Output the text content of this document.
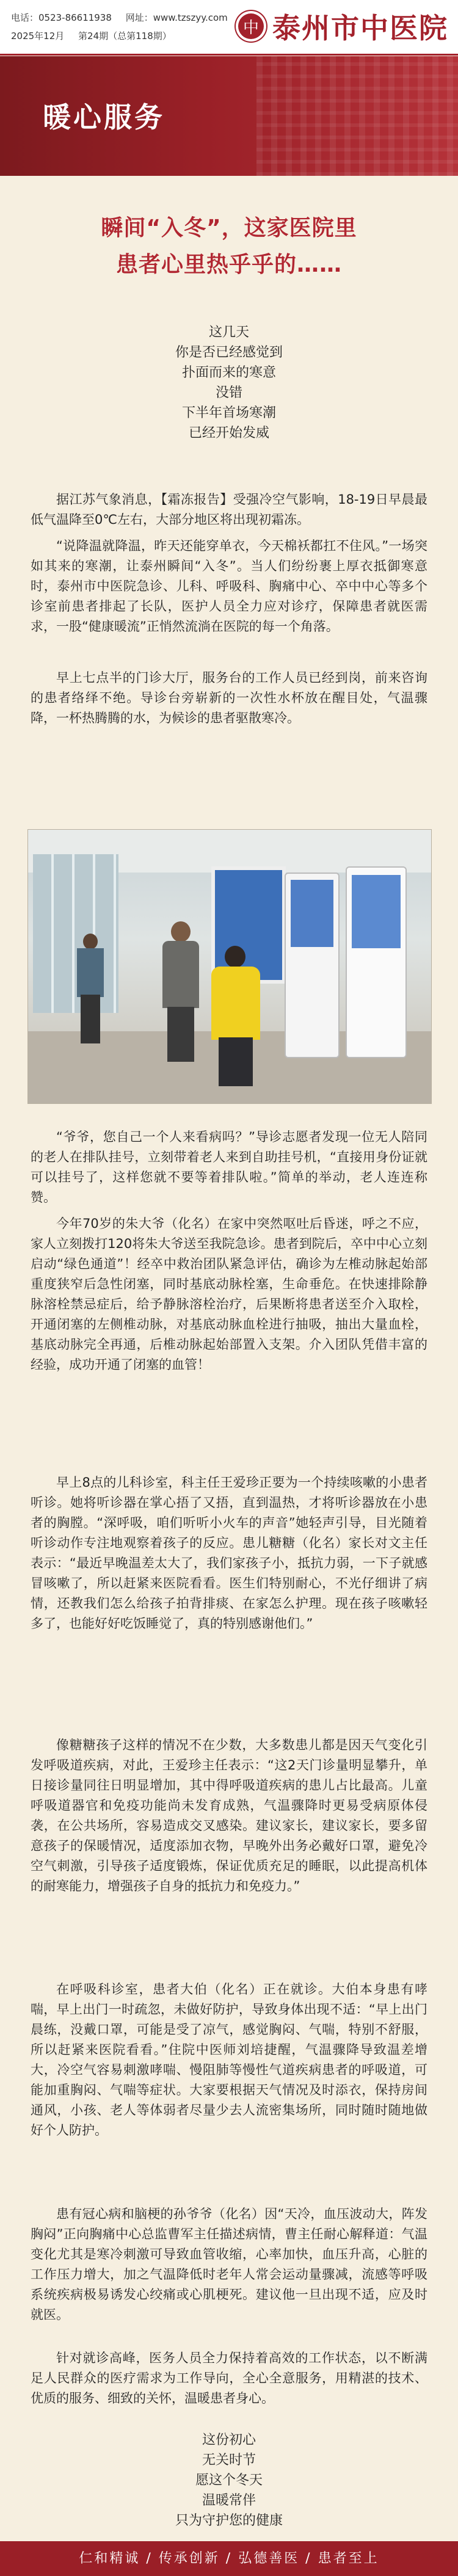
电话：0523-86611938 网址：www.tzszyy.com
2025年12月 第24期（总第118期）	中 泰州市中医院
暖心服务
瞬间“入冬”，这家医院里
患者心里热乎乎的……
这几天
你是否已经感觉到
扑面而来的寒意
没错
下半年首场寒潮
已经开始发威

据江苏气象消息，【霜冻报告】受强冷空气影响，18-19日早晨最低气温降至0℃左右，大部分地区将出现初霜冻。

“说降温就降温，昨天还能穿单衣，今天棉袄都扛不住风。”一场突如其来的寒潮，让泰州瞬间“入冬”。当人们纷纷裹上厚衣抵御寒意时，泰州市中医院急诊、儿科、呼吸科、胸痛中心、卒中中心等多个诊室前患者排起了长队，医护人员全力应对诊疗，保障患者就医需求，一股“健康暖流”正悄然流淌在医院的每一个角落。

早上七点半的门诊大厅，服务台的工作人员已经到岗，前来咨询的患者络绎不绝。导诊台旁崭新的一次性水杯放在醒目处，气温骤降，一杯热腾腾的水，为候诊的患者驱散寒冷。

“爷爷，您自己一个人来看病吗？”导诊志愿者发现一位无人陪同的老人在排队挂号，立刻带着老人来到自助挂号机，“直接用身份证就可以挂号了，这样您就不要等着排队啦。”简单的举动，老人连连称赞。

今年70岁的朱大爷（化名）在家中突然呕吐后昏迷，呼之不应，家人立刻拨打120将朱大爷送至我院急诊。患者到院后，卒中中心立刻启动“绿色通道”！经卒中救治团队紧急评估，确诊为左椎动脉起始部重度狭窄后急性闭塞，同时基底动脉栓塞，生命垂危。在快速排除静脉溶栓禁忌症后，给予静脉溶栓治疗，后果断将患者送至介入取栓，开通闭塞的左侧椎动脉，对基底动脉血栓进行抽吸，抽出大量血栓，基底动脉完全再通，后椎动脉起始部置入支架。介入团队凭借丰富的经验，成功开通了闭塞的血管！

早上8点的儿科诊室，科主任王爱珍正要为一个持续咳嗽的小患者听诊。她将听诊器在掌心捂了又捂，直到温热，才将听诊器放在小患者的胸膛。“深呼吸，咱们听听小火车的声音”她轻声引导，目光随着听诊动作专注地观察着孩子的反应。患儿糖糖（化名）家长对文主任表示：“最近早晚温差太大了，我们家孩子小，抵抗力弱，一下子就感冒咳嗽了，所以赶紧来医院看看。医生们特别耐心，不光仔细讲了病情，还教我们怎么给孩子拍背排痰、在家怎么护理。现在孩子咳嗽轻多了，也能好好吃饭睡觉了，真的特别感谢他们。”

像糖糖孩子这样的情况不在少数，大多数患儿都是因天气变化引发呼吸道疾病，对此，王爱珍主任表示：“这2天门诊量明显攀升，单日接诊量同往日明显增加，其中得呼吸道疾病的患儿占比最高。儿童呼吸道器官和免疫功能尚未发育成熟，气温骤降时更易受病原体侵袭，在公共场所，容易造成交叉感染。建议家长，建议家长，要多留意孩子的保暖情况，适度添加衣物，早晚外出务必戴好口罩，避免冷空气刺激，引导孩子适度锻炼，保证优质充足的睡眠，以此提高机体的耐寒能力，增强孩子自身的抵抗力和免疫力。”

在呼吸科诊室，患者大伯（化名）正在就诊。大伯本身患有哮喘，早上出门一时疏忽，未做好防护，导致身体出现不适：“早上出门晨练，没戴口罩，可能是受了凉气，感觉胸闷、气喘，特别不舒服，所以赶紧来医院看看。”住院中医师刘培捷醒，气温骤降导致温差增大，冷空气容易刺激哮喘、慢阻肺等慢性气道疾病患者的呼吸道，可能加重胸闷、气喘等症状。大家要根据天气情况及时添衣，保持房间通风，小孩、老人等体弱者尽量少去人流密集场所，同时随时随地做好个人防护。

患有冠心病和脑梗的孙爷爷（化名）因“天冷，血压波动大，阵发胸闷”正向胸痛中心总监曹军主任描述病情，曹主任耐心解释道：气温变化尤其是寒冷刺激可导致血管收缩，心率加快，血压升高，心脏的工作压力增大，加之气温降低时老年人常会运动量骤减，流感等呼吸系统疾病极易诱发心绞痛或心肌梗死。建议他一旦出现不适，应及时就医。

针对就诊高峰，医务人员全力保持着高效的工作状态，以不断满足人民群众的医疗需求为工作导向，全心全意服务，用精湛的技术、优质的服务、细致的关怀，温暖患者身心。

这份初心
无关时节
愿这个冬天
温暖常伴
只为守护您的健康
仁和精诚 / 传承创新 / 弘德善医 / 患者至上
